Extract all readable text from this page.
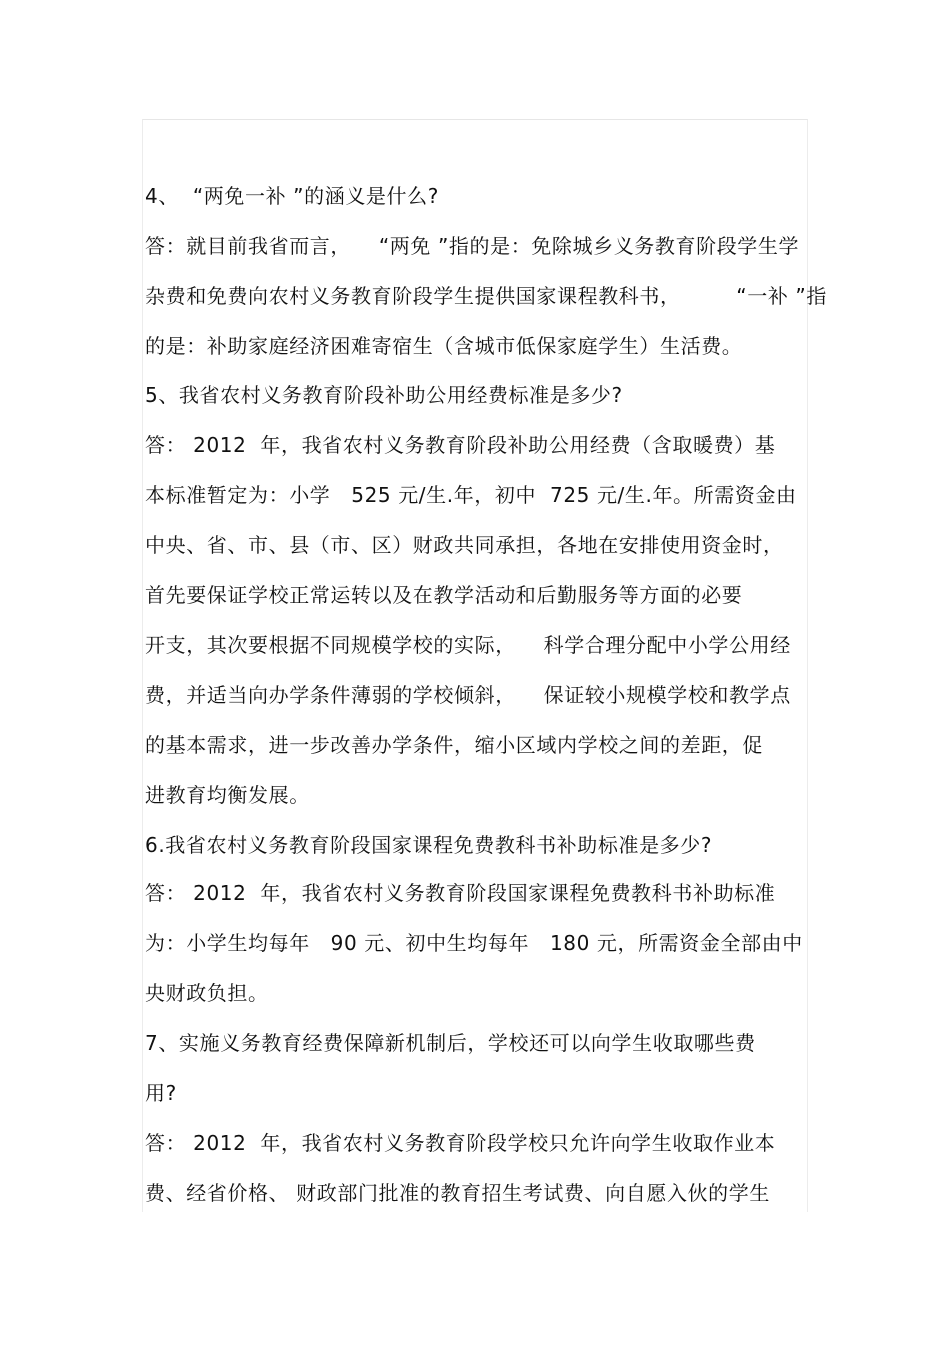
4、  “两免一补 ”的涵义是什么?
答：就目前我省而言，    “两免 ”指的是：免除城乡义务教育阶段学生学
杂费和免费向农村义务教育阶段学生提供国家课程教科书，        “一补 ”指
的是：补助家庭经济困难寄宿生（含城市低保家庭学生）生活费。
5、我省农村义务教育阶段补助公用经费标准是多少?
答： 2012  年，我省农村义务教育阶段补助公用经费（含取暖费）基
本标准暂定为：小学   525 元/生.年，初中  725 元/生.年。所需资金由
中央、省、市、县（市、区）财政共同承担，各地在安排使用资金时，
首先要保证学校正常运转以及在教学活动和后勤服务等方面的必要
开支，其次要根据不同规模学校的实际，    科学合理分配中小学公用经
费，并适当向办学条件薄弱的学校倾斜，    保证较小规模学校和教学点
的基本需求，进一步改善办学条件，缩小区域内学校之间的差距，促
进教育均衡发展。
6.我省农村义务教育阶段国家课程免费教科书补助标准是多少?
答： 2012  年，我省农村义务教育阶段国家课程免费教科书补助标准
为：小学生均每年   90 元、初中生均每年   180 元，所需资金全部由中
央财政负担。
7、实施义务教育经费保障新机制后，学校还可以向学生收取哪些费
用?
答： 2012  年，我省农村义务教育阶段学校只允许向学生收取作业本
费、经省价格、 财政部门批准的教育招生考试费、向自愿入伙的学生
